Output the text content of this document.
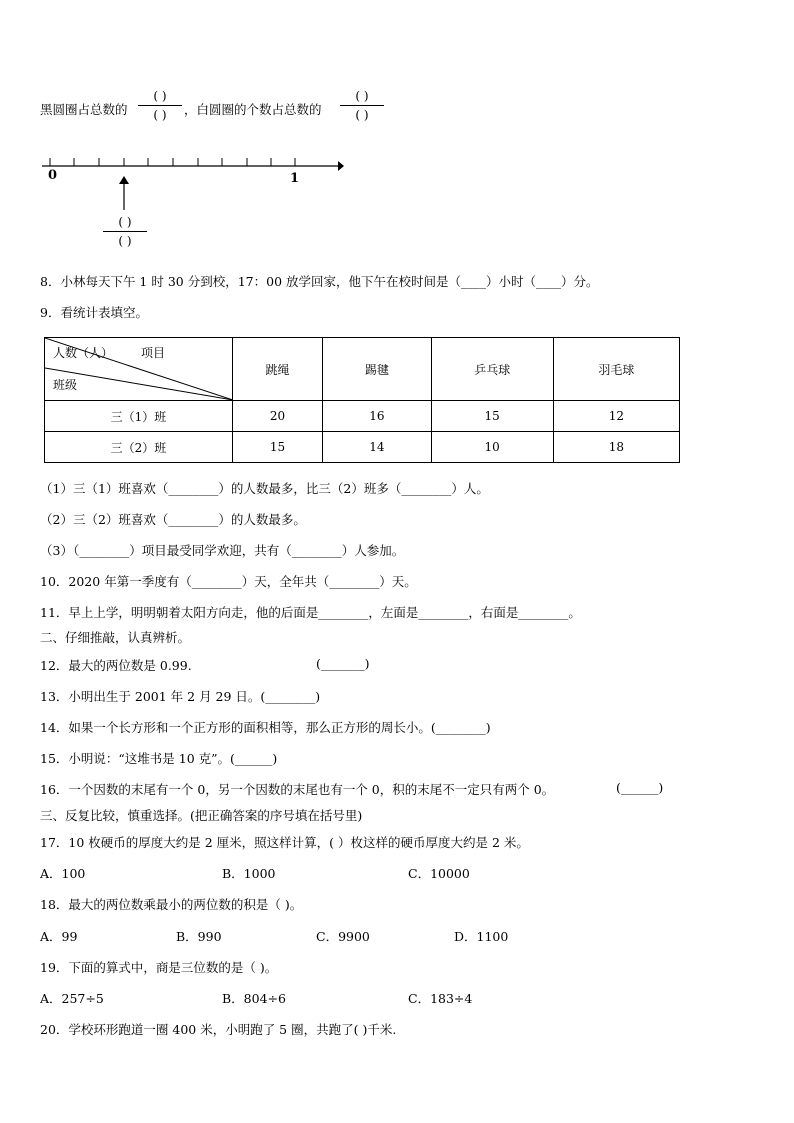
黑圆圈占总数的
( )
( )	，白圆圈的个数占总数的
( )
( )
0	1
( )
( )
8．小林每天下午 1 时 30 分到校，17：00 放学回家，他下午在校时间是（____）小时（____）分。
9．看统计表填空。
人数（人） 项目
班级	跳绳	踢毽	乒乓球	羽毛球
三（1）班	20	16	15	12
三（2）班	15	14	10	18
（1）三（1）班喜欢（________）的人数最多，比三（2）班多（________）人。
（2）三（2）班喜欢（________）的人数最多。
（3）（________）项目最受同学欢迎，共有（________）人参加。
10．2020 年第一季度有（________）天，全年共（________）天。
11．早上上学，明明朝着太阳方向走，他的后面是________，左面是________，右面是________。
二、仔细推敲，认真辨析。
12．最大的两位数是 0.99.	(_______)
13．小明出生于 2001 年 2 月 29 日。(________)
14．如果一个长方形和一个正方形的面积相等，那么正方形的周长小。(________)
15．小明说：“这堆书是 10 克”。(______)
16．一个因数的末尾有一个 0，另一个因数的末尾也有一个 0，积的末尾不一定只有两个 0。	(______)
三、反复比较，慎重选择。(把正确答案的序号填在括号里)
17．10 枚硬币的厚度大约是 2 厘米，照这样计算，( ）枚这样的硬币厚度大约是 2 米。
A．100	B．1000	C．10000
18．最大的两位数乘最小的两位数的积是（ )。
A．99	B．990	C．9900	D．1100
19．下面的算式中，商是三位数的是（ )。
A．257÷5	B．804÷6	C．183÷4
20．学校环形跑道一圈 400 米，小明跑了 5 圈，共跑了( )千米.
